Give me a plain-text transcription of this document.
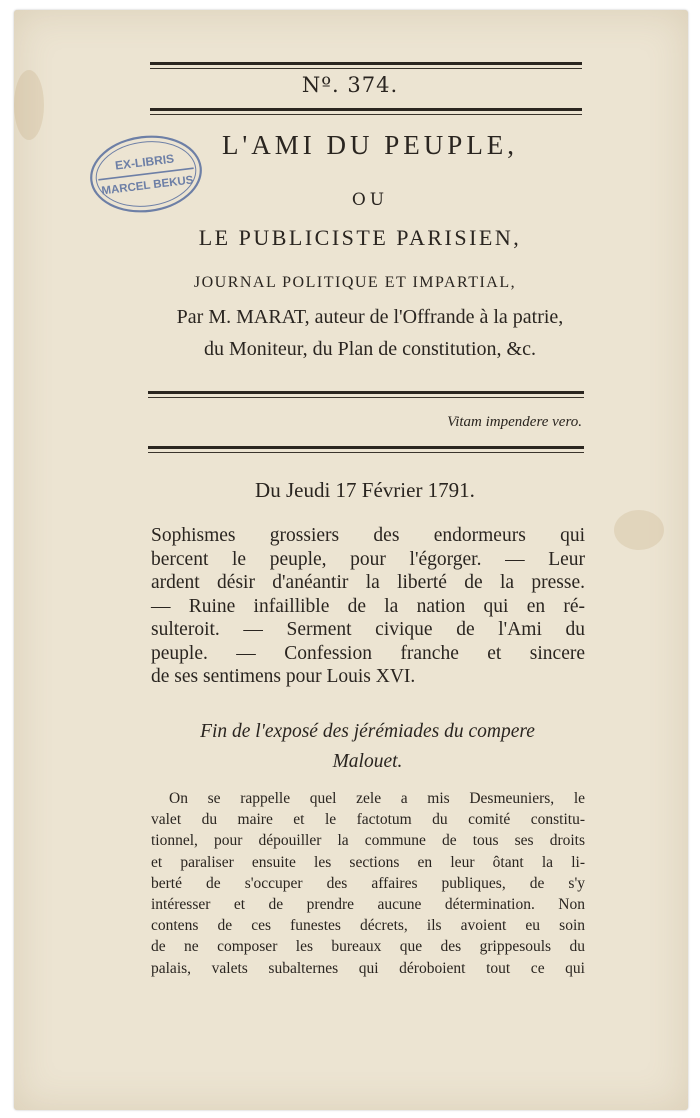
Nº. 374.
EX-LIBRIS
MARCEL BEKUS
L'AMI DU PEUPLE,
OU
LE PUBLICISTE PARISIEN,
JOURNAL POLITIQUE ET IMPARTIAL,
Par M. MARAT, auteur de l'Offrande à la patrie,
du Moniteur, du Plan de constitution, &c.
Vitam impendere vero.
Du Jeudi 17 Février 1791.
Sophismes grossiers des endormeurs qui
bercent le peuple, pour l'égorger. — Leur
ardent désir d'anéantir la liberté de la presse.
— Ruine infaillible de la nation qui en ré-
sulteroit. — Serment civique de l'Ami du
peuple. — Confession franche et sincere
de ses sentimens pour Louis XVI.
Fin de l'exposé des jérémiades du compere
Malouet.
On se rappelle quel zele a mis Desmeuniers, le
valet du maire et le factotum du comité constitu-
tionnel, pour dépouiller la commune de tous ses droits
et paraliser ensuite les sections en leur ôtant la li-
berté de s'occuper des affaires publiques, de s'y
intéresser et de prendre aucune détermination. Non
contens de ces funestes décrets, ils avoient eu soin
de ne composer les bureaux que des grippesouls du
palais, valets subalternes qui déroboient tout ce qui
